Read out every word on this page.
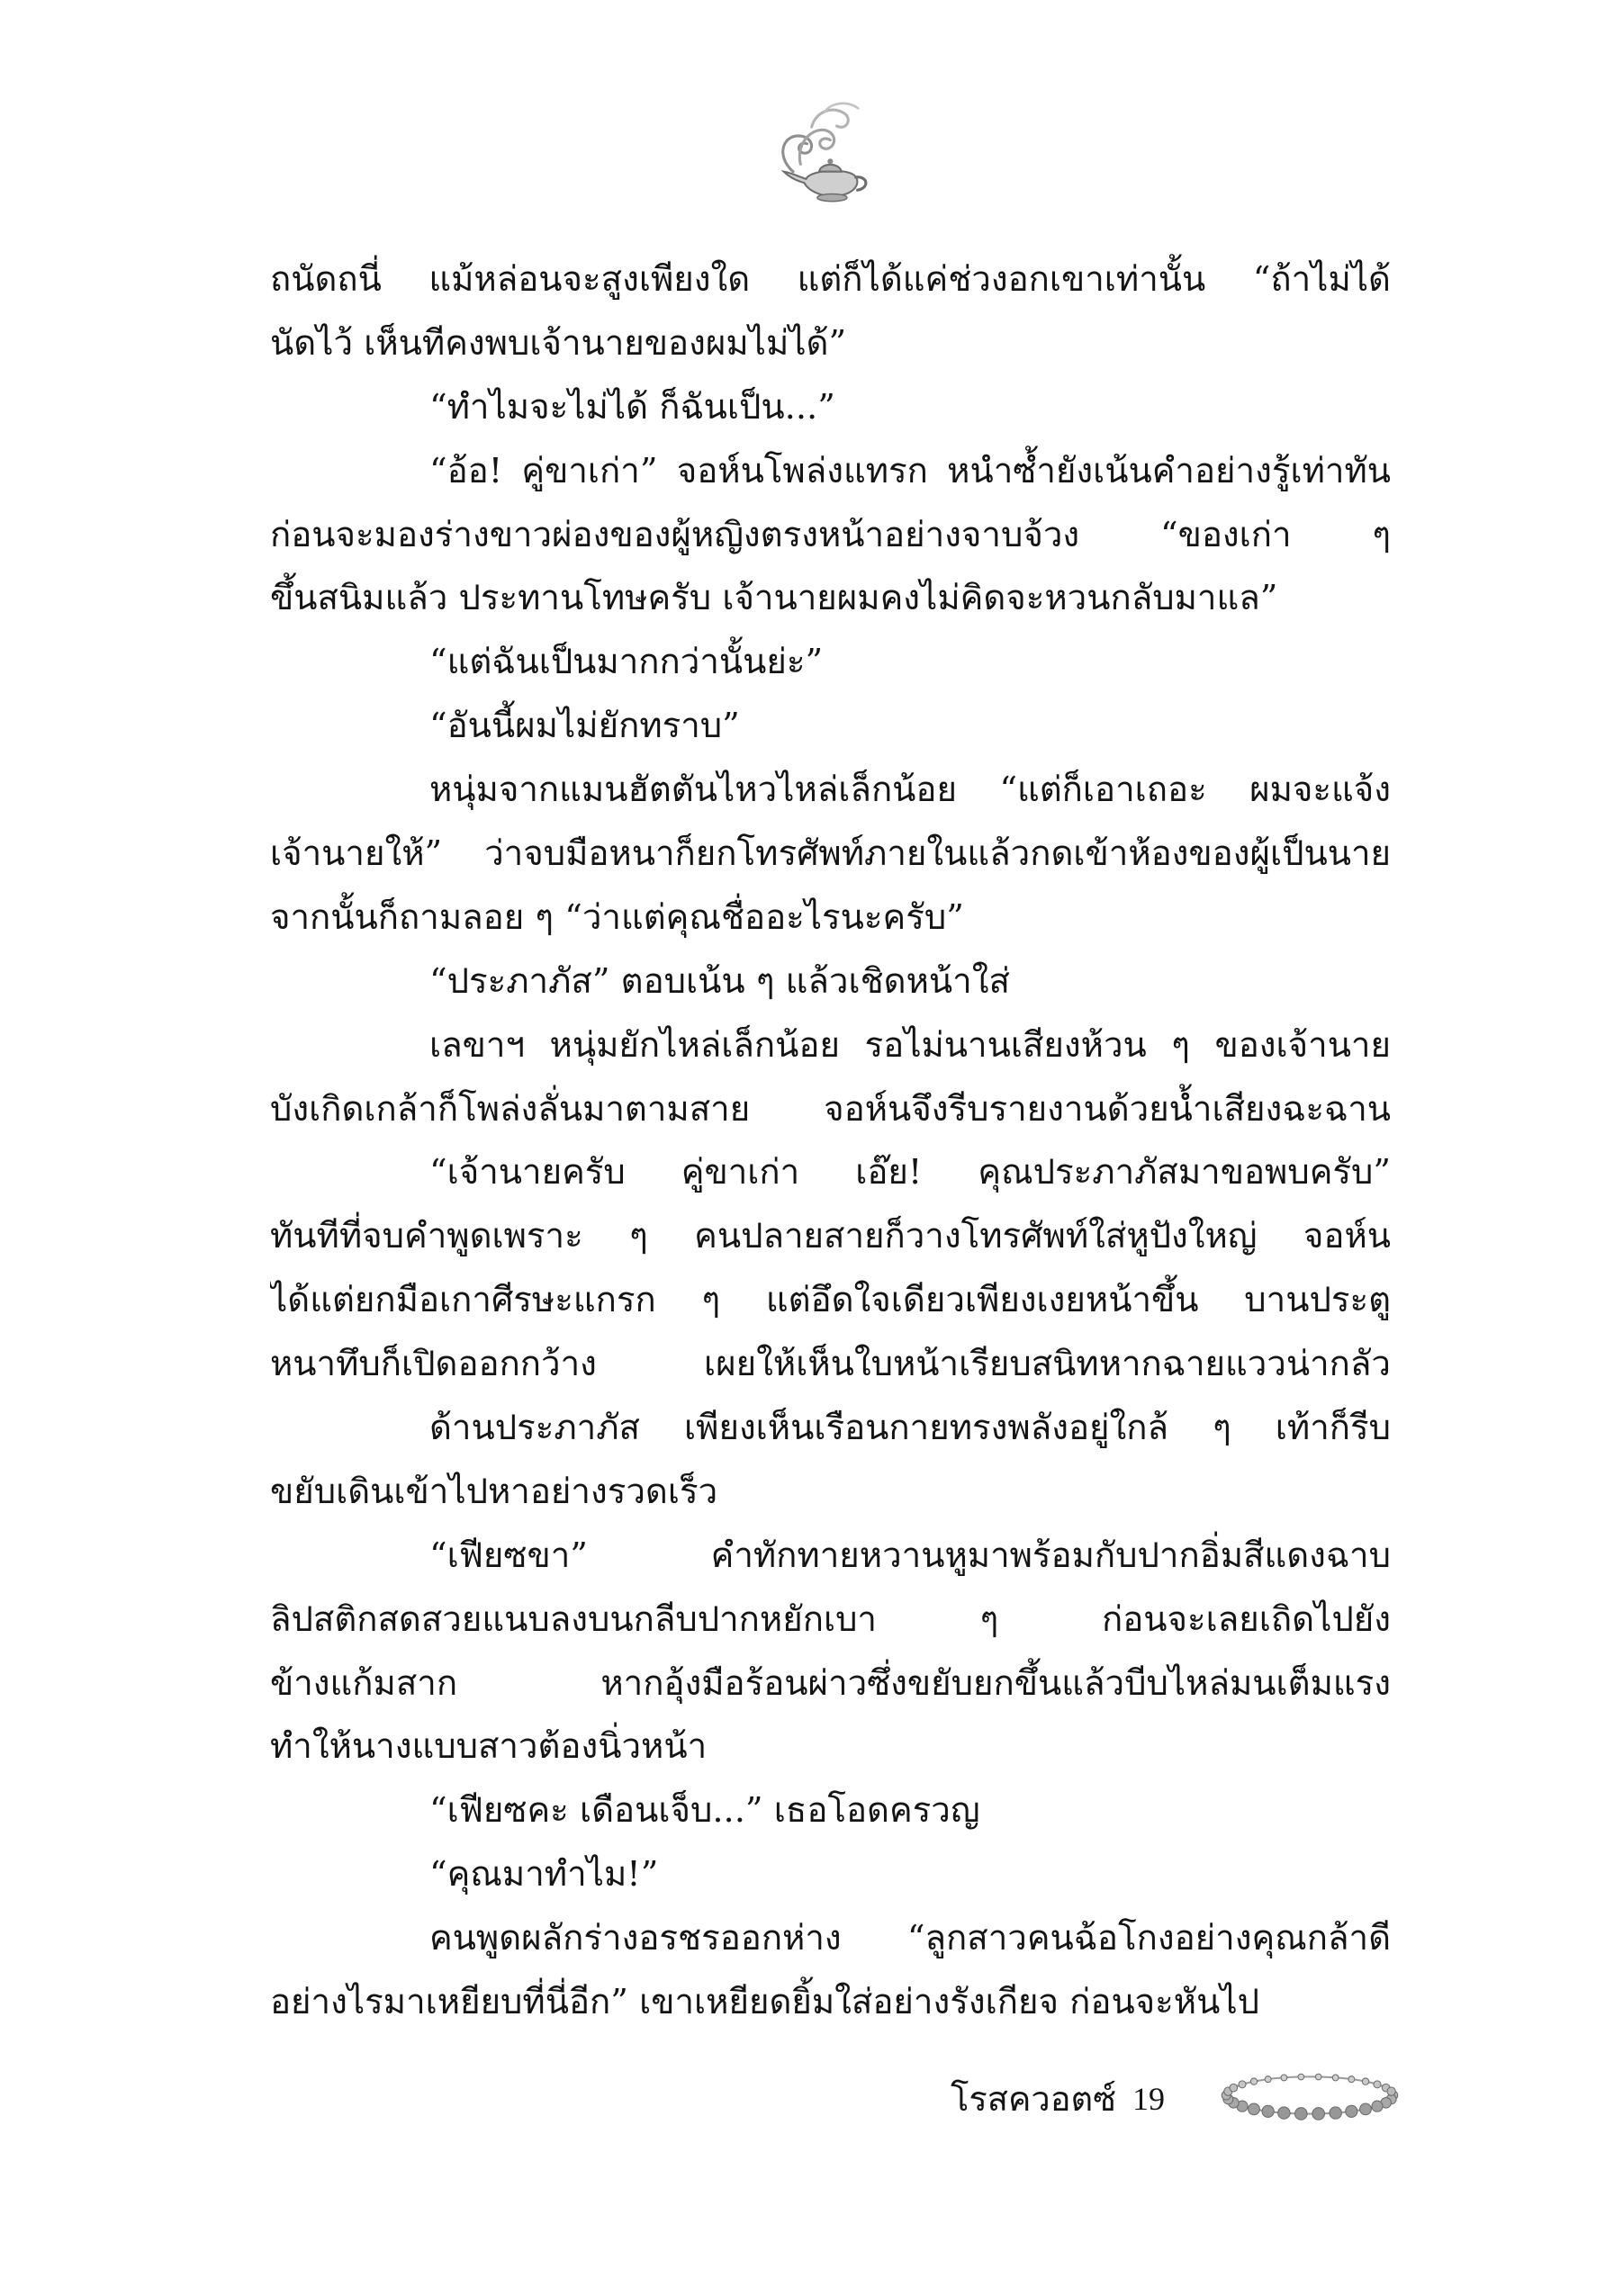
ถนัดถนี่ แม้หล่อนจะสูงเพียงใด แต่ก็ได้แค่ช่วงอกเขาเท่านั้น “ถ้าไม่ได้
นัดไว้ เห็นทีคงพบเจ้านายของผมไม่ได้”
“ทำไมจะไม่ได้ ก็ฉันเป็น...”
“อ้อ! คู่ขาเก่า” จอห์นโพล่งแทรก หนำซ้ำยังเน้นคำอย่างรู้เท่าทัน
ก่อนจะมองร่างขาวผ่องของผู้หญิงตรงหน้าอย่างจาบจ้วง “ของเก่า ๆ
ขึ้นสนิมแล้ว ประทานโทษครับ เจ้านายผมคงไม่คิดจะหวนกลับมาแล”
“แต่ฉันเป็นมากกว่านั้นย่ะ”
“อันนี้ผมไม่ยักทราบ”
หนุ่มจากแมนฮัตตันไหวไหล่เล็กน้อย “แต่ก็เอาเถอะ ผมจะแจ้ง
เจ้านายให้” ว่าจบมือหนาก็ยกโทรศัพท์ภายในแล้วกดเข้าห้องของผู้เป็นนาย
จากนั้นก็ถามลอย ๆ “ว่าแต่คุณชื่ออะไรนะครับ”
“ประภาภัส” ตอบเน้น ๆ แล้วเชิดหน้าใส่
เลขาฯ หนุ่มยักไหล่เล็กน้อย รอไม่นานเสียงห้วน ๆ ของเจ้านาย
บังเกิดเกล้าก็โพล่งลั่นมาตามสาย จอห์นจึงรีบรายงานด้วยน้ำเสียงฉะฉาน
“เจ้านายครับ คู่ขาเก่า เอ๊ย! คุณประภาภัสมาขอพบครับ”
ทันทีที่จบคำพูดเพราะ ๆ คนปลายสายก็วางโทรศัพท์ใส่หูปังใหญ่ จอห์น
ได้แต่ยกมือเกาศีรษะแกรก ๆ แต่อึดใจเดียวเพียงเงยหน้าขึ้น บานประตู
หนาทึบก็เปิดออกกว้าง เผยให้เห็นใบหน้าเรียบสนิทหากฉายแววน่ากลัว
ด้านประภาภัส เพียงเห็นเรือนกายทรงพลังอยู่ใกล้ ๆ เท้าก็รีบ
ขยับเดินเข้าไปหาอย่างรวดเร็ว
“เฟียซขา” คำทักทายหวานหูมาพร้อมกับปากอิ่มสีแดงฉาบ
ลิปสติกสดสวยแนบลงบนกลีบปากหยักเบา ๆ ก่อนจะเลยเถิดไปยัง
ข้างแก้มสาก หากอุ้งมือร้อนผ่าวซึ่งขยับยกขึ้นแล้วบีบไหล่มนเต็มแรง
ทำให้นางแบบสาวต้องนิ่วหน้า
“เฟียซคะ เดือนเจ็บ...” เธอโอดครวญ
“คุณมาทำไม!”
คนพูดผลักร่างอรชรออกห่าง “ลูกสาวคนฉ้อโกงอย่างคุณกล้าดี
อย่างไรมาเหยียบที่นี่อีก” เขาเหยียดยิ้มใส่อย่างรังเกียจ ก่อนจะหันไป
โรสควอตซ์ 19
